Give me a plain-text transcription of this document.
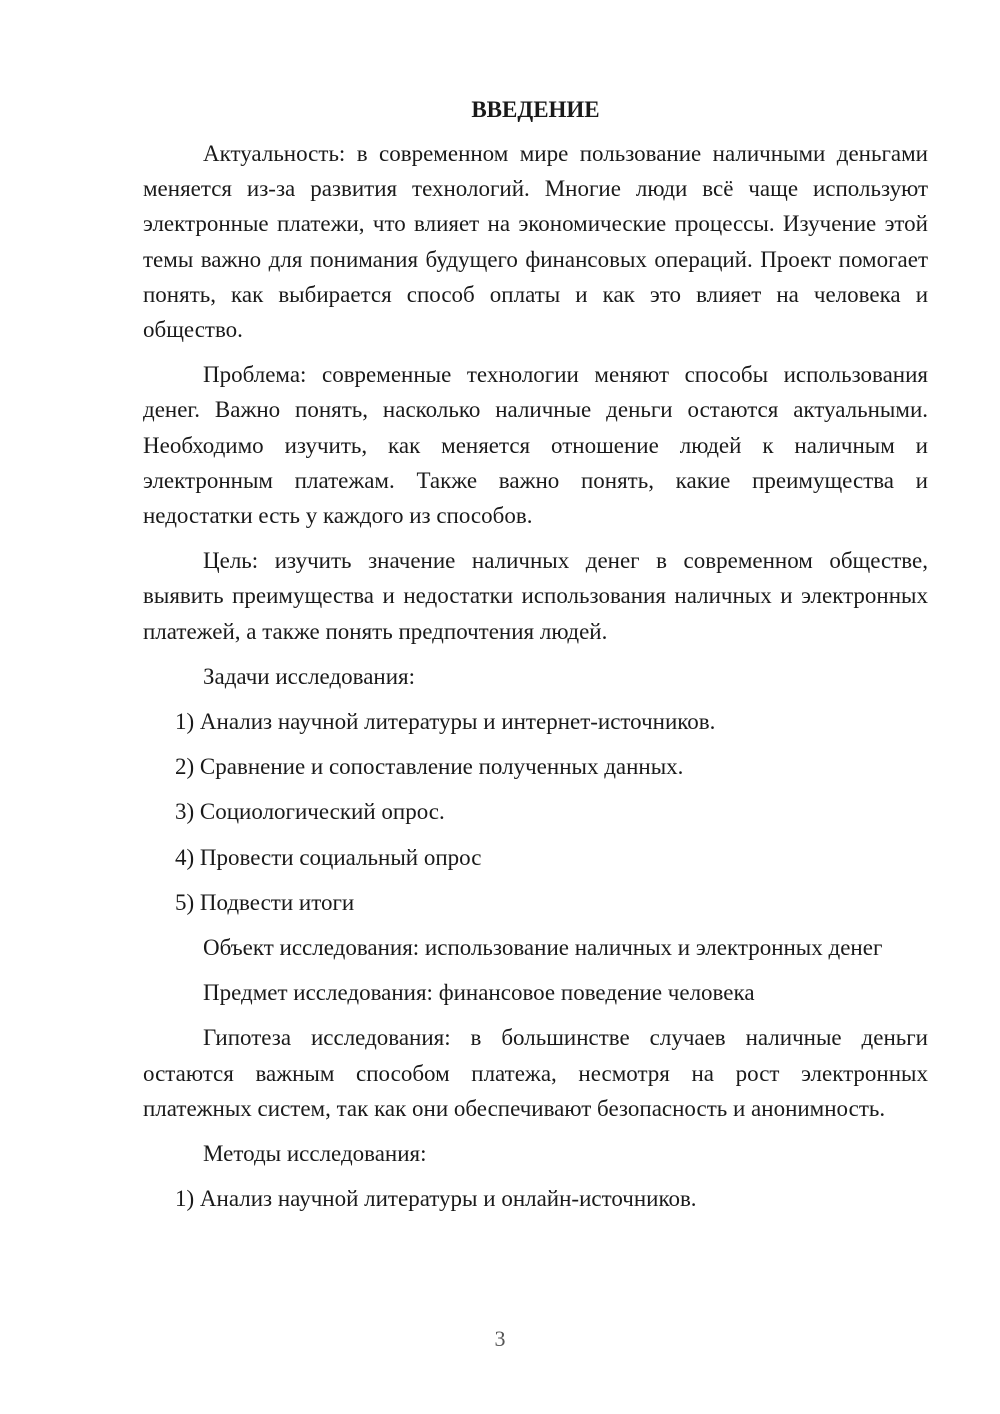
ВВЕДЕНИЕ

Актуальность: в современном мире пользование наличными деньгами меняется из-за развития технологий. Многие люди всё чаще используют электронные платежи, что влияет на экономические процессы. Изучение этой темы важно для понимания будущего финансовых операций. Проект помогает понять, как выбирается способ оплаты и как это влияет на человека и общество.

Проблема: современные технологии меняют способы использования денег. Важно понять, насколько наличные деньги остаются актуальными. Необходимо изучить, как меняется отношение людей к наличным и электронным платежам. Также важно понять, какие преимущества и недостатки есть у каждого из способов.

Цель: изучить значение наличных денег в современном обществе, выявить преимущества и недостатки использования наличных и электронных платежей, а также понять предпочтения людей.

Задачи исследования:

1) Анализ научной литературы и интернет-источников.

2) Сравнение и сопоставление полученных данных.

3) Социологический опрос.

4) Провести социальный опрос

5) Подвести итоги

Объект исследования: использование наличных и электронных денег

Предмет исследования: финансовое поведение человека

Гипотеза исследования: в большинстве случаев наличные деньги остаются важным способом платежа, несмотря на рост электронных платежных систем, так как они обеспечивают безопасность и анонимность.

Методы исследования:

1) Анализ научной литературы и онлайн-источников.

3
